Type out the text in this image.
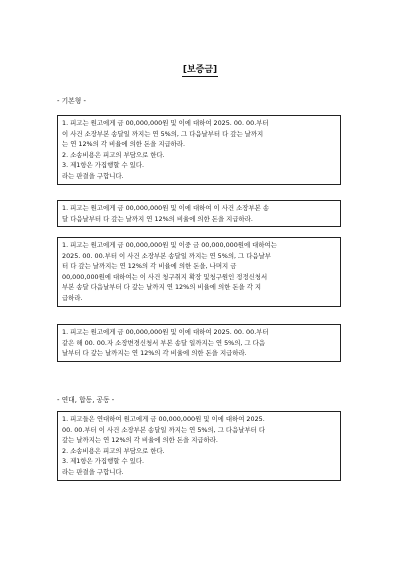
[보증금]
- 기본형 -
1. 피고는 원고에게 금 00,000,000원 및 이에 대하여 2025. 00. 00.부터
이 사건 소장부본 송달일 까지는 연 5%의, 그 다음날부터 다 갚는 날까지
는 연 12%의 각 비율에 의한 돈을 지급하라.
2. 소송비용은 피고의 부담으로 한다.
3. 제1항은 가집행할 수 있다.
라는 판결을 구합니다.
1. 피고는 원고에게 금 00,000,000원 및 이에 대하여 이 사건 소장부본 송
달 다음날부터 다 갚는 날까지 연 12%의 비율에 의한 돈을 지급하라.
1. 피고는 원고에게 금 00,000,000원 및 이중 금 00,000,000원에 대하여는
2025. 00. 00.부터 이 사건 소장부본 송달일 까지는 연 5%의, 그 다음날부
터 다 갚는 날까지는 연 12%의 각 비율에 의한 돈을, 나머지 금
00,000,000원에 대하여는 이 사건 청구취지 확장 및청구원인 정정신청서
부본 송달 다음날부터 다 갚는 날까지 연 12%의 비율에 의한 돈을 각 지
급하라.
1. 피고는 원고에게 금 00,000,000원 및 이에 대하여 2025. 00. 00.부터
같은 해 00. 00.자 소장변경신청서 부본 송달 일까지는 연 5%의, 그 다음
날부터 다 갚는 날까지는 연 12%의 각 비율에 의한 돈을 지급하라.
- 연대, 합동, 공동 -
1. 피고들은 연대하여 원고에게 금 00,000,000원 및 이에 대하여 2025.
00. 00.부터 이 사건 소장부본 송달일 까지는 연 5%의, 그 다음날부터 다
갚는 날까지는 연 12%의 각 비율에 의한 돈을 지급하라.
2. 소송비용은 피고의 부담으로 한다.
3. 제1항은 가집행할 수 있다.
라는 판결을 구합니다.
